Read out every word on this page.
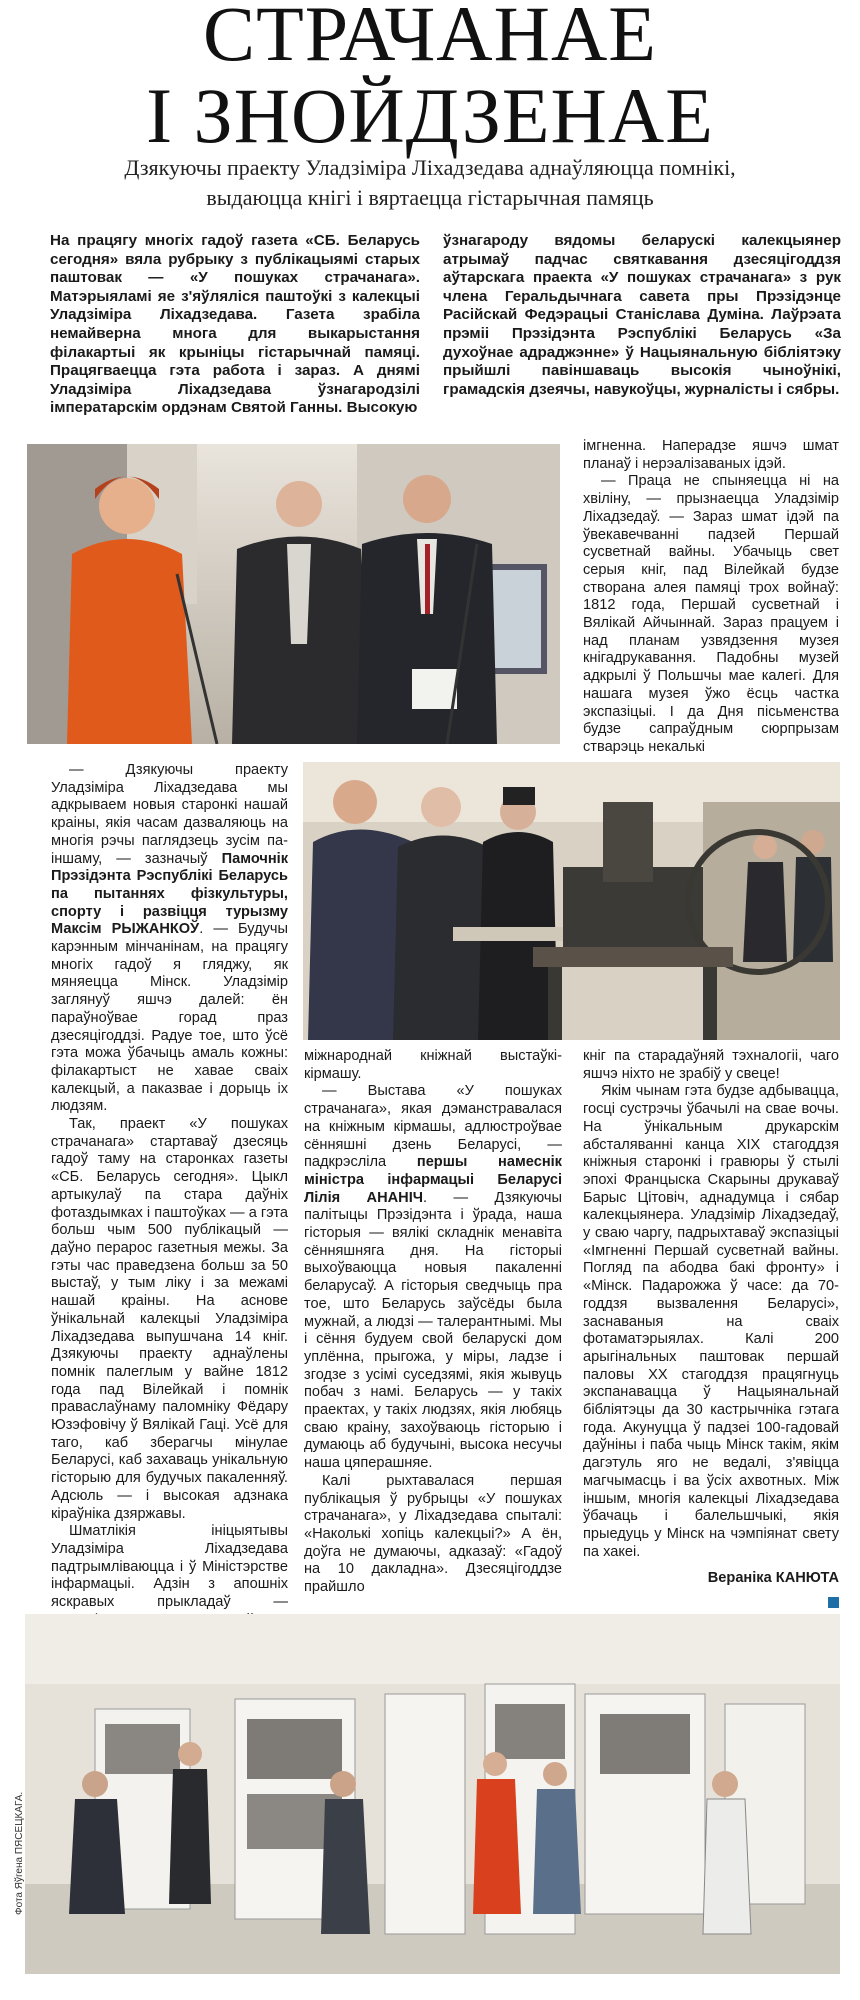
СТРАЧАНАЕ
І ЗНОЙДЗЕНАЕ
Дзякуючы праекту Уладзіміра Ліхадзедава аднаўляюцца помнікі,
выдаюцца кнігі і вяртаецца гістарычная памяць

На працягу многіх гадоў газета «СБ. Беларусь сегодня» вяла рубрыку з публікацыямі старых паштовак — «У пошуках страчанага». Матэрыяламі яе з'яўляліся паштоўкі з калекцыі Уладзіміра Ліхадзедава. Газета зрабіла немайверна многа для выкарыстання філакартыі як крыніцы гістарычнай памяці. Працягваецца гэта работа і зараз. А днямі Уладзіміра Ліхадзедава ўзнагародзілі імператарскім ордэнам Святой Ганны. Высокую

ўзнагароду вядомы беларускі калекцыянер атрымаў падчас святкавання дзесяцігоддзя аўтарскага праекта «У пошуках страчанага» з рук члена Геральдычнага савета пры Прэзідэнце Расійскай Федэрацыі Станіслава Думіна. Лаўрэата прэміі Прэзідэнта Рэспублікі Беларусь «За духоўнае адраджэнне» ў Нацыянальную бібліятэку прыйшлі павіншаваць высокія чыноўнікі, грамадскія дзеячы, навукоўцы, журналісты і сябры.

імгненна. Наперадзе яшчэ шмат планаў і нерэалізаваных ідэй.

— Праца не спыняецца ні на хвіліну, — прызнаецца Уладзімір Ліхадзедаў. — Зараз шмат ідэй па ўвекавечванні падзей Першай сусветнай вайны. Убачыць свет серыя кніг, пад Вілейкай будзе створана алея памяці трох войнаў: 1812 года, Першай сусветнай і Вялікай Айчыннай. Зараз працуем і над планам узвядзення музея кнігадрукавання. Падобны музей адкрылі ў Польшчы мае калегі. Для нашага музея ўжо ёсць частка экспазіцыі. І да Дня пісьменства будзе сапраўдным сюрпрызам стварэць некалькі

— Дзякуючы праекту Уладзіміра Ліхадзедава мы адкрываем новыя старонкі нашай краіны, якія часам дазваляюць на многія рэчы паглядзець зусім па-іншаму, — зазначыў Памочнік Прэзідэнта Рэспублікі Беларусь па пытаннях фізкультуры, спорту і развіцця турызму Максім РЫЖАНКОЎ. — Будучы карэнным мінчанінам, на працягу многіх гадоў я гляджу, як мяняецца Мінск. Уладзімір заглянуў яшчэ далей: ён параўноўвае горад праз дзесяцігоддзі. Радуе тое, што ўсё гэта можа ўбачыць амаль кожны: філакартыст не хавае сваіх калекцый, а паказвае і дорыць іх людзям.

Так, праект «У пошуках страчанага» стартаваў дзесяць гадоў таму на старонках газеты «СБ. Беларусь сегодня». Цыкл артыкулаў па стара даўніх фотаздымках і паштоўках — а гэта больш чым 500 публікацый — даўно перарос газетныя межы. За гэты час праведзена больш за 50 выстаў, у тым ліку і за межамі нашай краіны. На аснове ўнікальнай калекцыі Уладзіміра Ліхадзедава выпушчана 14 кніг. Дзякуючы праекту аднаўлены помнік палеглым у вайне 1812 года пад Вілейкай і помнік праваслаўнаму паломніку Фёдару Юзэфовічу ў Вялікай Гаці. Усё для таго, каб зберагчы мінулае Беларусі, каб захаваць унікальную гісторыю для будучых пакаленняў. Адсюль — і высокая адзнака кіраўніка дзяржавы.

Шматлікія ініцыятывы Уладзіміра Ліхадзедава падтрымліваюцца і ў Міністэрстве інфармацыі. Адзін з апошніх яскравых прыкладаў —

міжнароднай кніжнай выстаўкі-кірмашу.

— Выстава «У пошуках страчанага», якая дэманстравалася на кніжным кірмашы, адлюстроўвае сённяшні дзень Беларусі, — падкрэсліла першы намеснік міністра інфармацыі Беларусі Лілія АНАНІЧ. — Дзякуючы палітыцы Прэзідэнта і ўрада, наша гісторыя — вялікі складнік менавіта сённяшняга дня. На гісторыі выхоўваюцца новыя пакаленні беларусаў. А гісторыя сведчыць пра тое, што Беларусь заўсёды была мужнай, а людзі — талерантнымі. Мы і сёння будуем свой беларускі дом уплённа, прыгожа, у міры, ладзе і згодзе з усімі суседзямі, якія жывуць побач з намі. Беларусь — у такіх праектах, у такіх людзях, якія любяць сваю краіну, захоўваюць гісторыю і думаюць аб будучыні, высока несучы наша цяперашняе.

Калі рыхтавалася першая публікацыя ў рубрыцы «У пошуках страчанага», у Ліхадзедава спыталі: «Наколькі хопіць калекцыі?» А ён, доўга не думаючы, адказаў: «Гадоў на 10 дакладна». Дзесяцігоддзе прайшло

кніг па старадаўняй тэхналогіі, чаго яшчэ ніхто не зрабіў у свеце!

Якім чынам гэта будзе адбывацца, госці сустрэчы ўбачылі на свае вочы. На ўнікальным друкарскім абсталяванні канца XIX стагоддзя кніжныя старонкі і гравюры ў стылі эпохі Францыска Скарыны друкаваў Барыс Цітовіч, аднадумца і сябар калекцыянера. Уладзімір Ліхадзедаў, у сваю чаргу, падрыхтаваў экспазіцыі «Імгненні Першай сусветнай вайны. Погляд па абодва бакі фронту» і «Мінск. Падарожжа ў часе: да 70-годдзя вызвалення Беларусі», заснаваныя на сваіх фотаматэрыялах. Калі 200 арыгінальных паштовак першай паловы XX стагоддзя працягнуць экспанавацца ў Нацыянальнай бібліятэцы да 30 кастрычніка гэтага года. Акунуцца ў падзеі 100-гадовай даўніны і паба чыць Мінск такім, якім дагэтуль яго не ведалі, з'явіцца магчымасць і ва ўсіх ахвотных. Між іншым, многія калекцыі Ліхадзедава ўбачаць і балельшчыкі, якія прыедуць у Мінск на чэмпіянат свету па хакеі.

Вераніка КАНЮТА
Фота Яўгена ПЯСЕЦКАГА.
